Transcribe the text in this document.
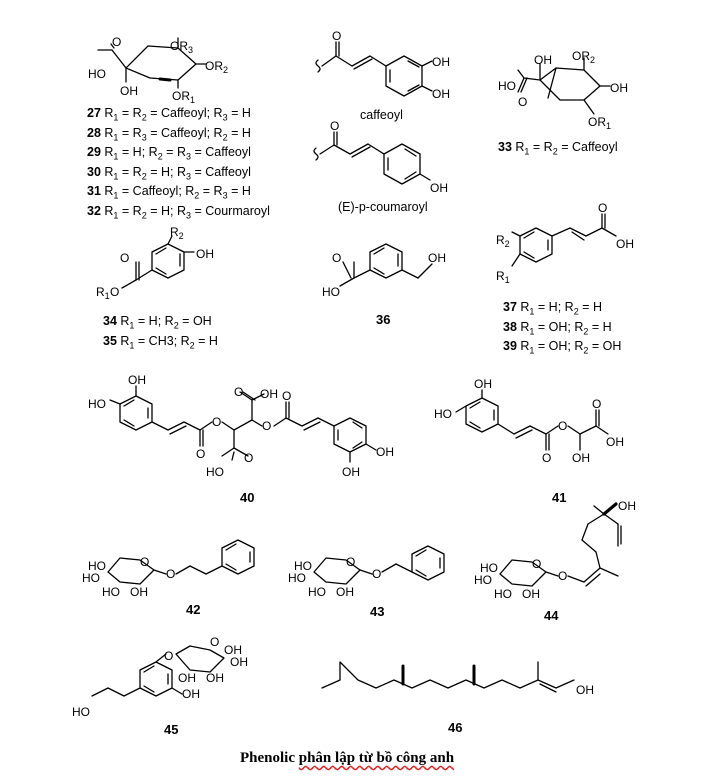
O
HO
OH
$OR_3$
$OR_2$
$OR_1$
O
OH
OH
O
OH
OH
HO
O
$OR_2$
OH
$OR_1$
O
O
$R_1$
$R_2$
OH	O
HO
OH
O
OH
$R_2$
$R_1$
OH
HO
O
O
O OH
O
O
O
HO
OH
OH
OH
HO
O
O
O
OH
OH
HO
HO
HO
O
O
OH
HO
HO
HO
O
O
OH
HO
HO
HO
O
O
OH
OH
HO
OH
O
O
OH
OH
OH
OH
OH
27 $R_1 = R_2$ = Caffeoyl; $R_3 = H$
28 $R_1 = R_3$ = Caffeoyl; $R_2 = H$
29 $R_1 = H$; $R_2 = R_3$ = Caffeoyl
30 $R_1 = R_2 = H$; $R_3$ = Caffeoyl
31 $R_1$ = Caffeoyl; $R_2 = R_3 = H$
32 $R_1 = R_2 = H$; $R_3$ = Courmaroyl
caffeoyl
(E)-p-coumaroyl
33 $R_1 = R_2$ = Caffeoyl
34 $R_1 = H$; $R_2$ = OH
35 $R_1 = CH3$; $R_2 = H$
36
37 $R_1 = H$; $R_2 = H$
38 $R_1$ = OH; $R_2 = H$
39 $R_1$ = OH; $R_2$ = OH
40	41
42	43	44
45	46
Phenolic phân lập từ bồ công anh
